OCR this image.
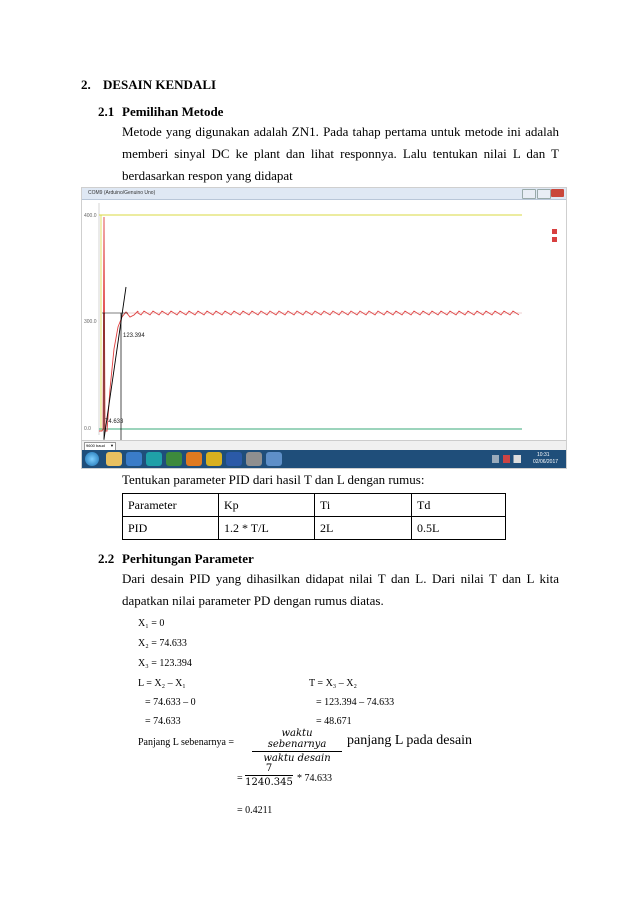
2. DESAIN KENDALI
2.1 Pemilihan Metode
Metode yang digunakan adalah ZN1. Pada tahap pertama untuk metode ini adalah
memberi sinyal DC ke plant dan lihat responnya. Lalu tentukan nilai L dan T
berdasarkan respon yang didapat
COM9 (Arduino/Genuino Uno)
400.0
300.0
0.0
123.394
74.633
9600 baud ▼
10:31
02/06/2017
Tentukan parameter PID dari hasil T dan L dengan rumus:
Parameter	Kp	Ti	Td
PID	1.2 * T/L	2L	0.5L
2.2 Perhitungan Parameter
Dari desain PID yang dihasilkan didapat nilai T dan L. Dari nilai T dan L kita
dapatkan nilai parameter PD dengan rumus diatas.
X₁ = 0
X₂ = 74.633
X₃ = 123.394
L = X₂ – X₁
= 74.633 – 0
= 74.633
T = X₃ – X₂
= 123.394 – 74.633
= 48.671
Panjang L sebenarnya =
waktu sebenarnya
waktu desain
panjang L pada desain
= $\frac{7}{1240.345} * 74.633$
= 0.4211
